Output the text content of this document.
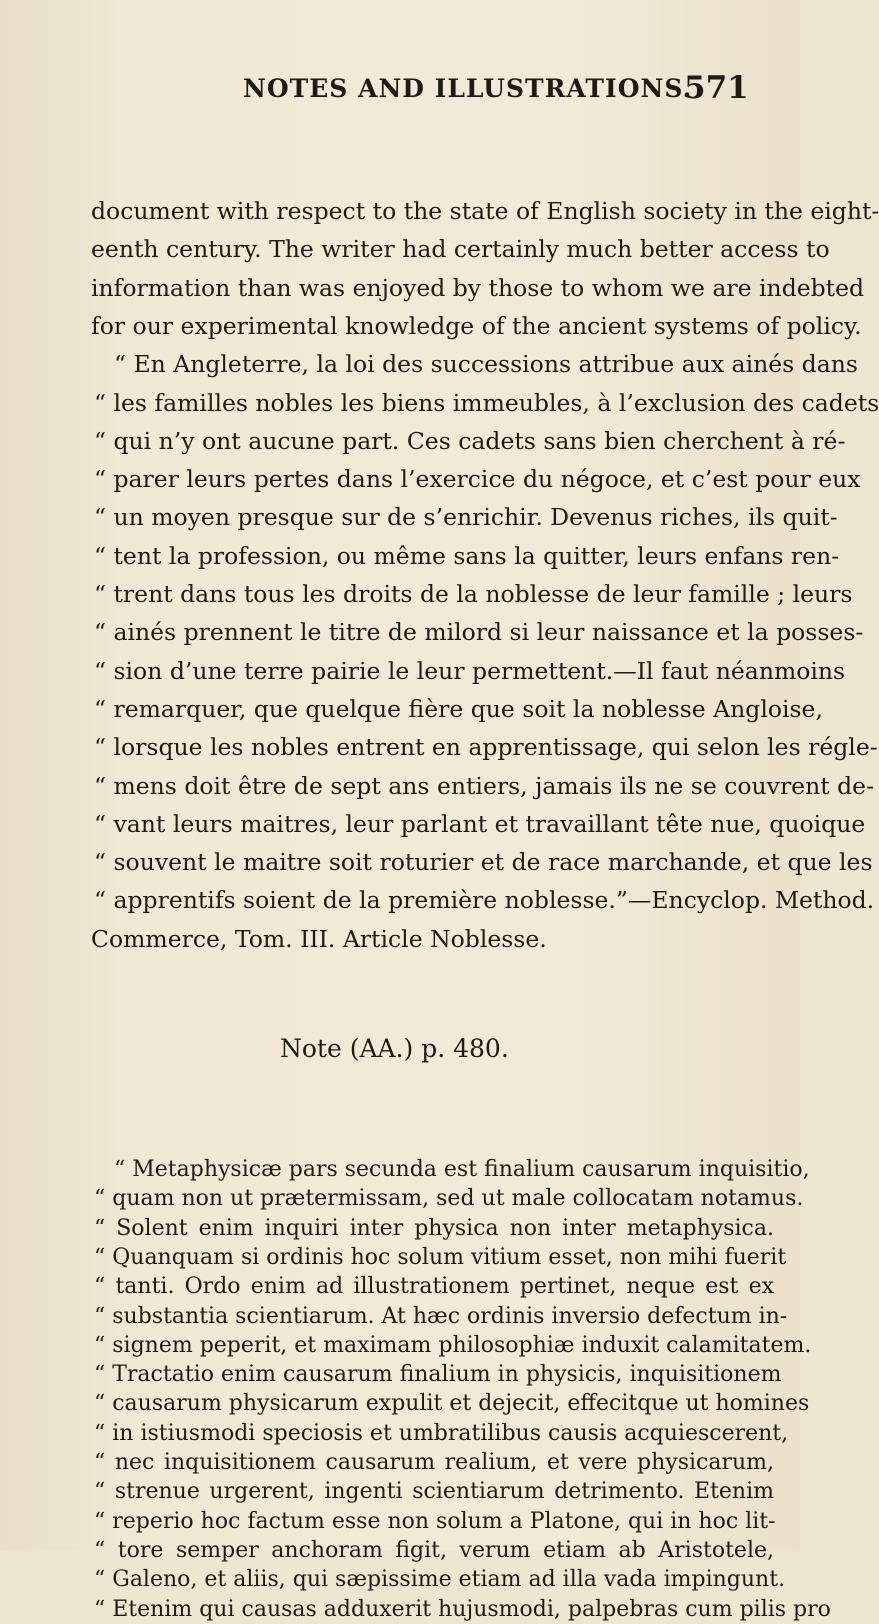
NOTES AND ILLUSTRATIONS.
571
document with respect to the state of English society in the eight-
eenth century. The writer had certainly much better access to
information than was enjoyed by those to whom we are indebted
for our experimental knowledge of the ancient systems of policy.
“ En Angleterre, la loi des successions attribue aux ainés dans
“ les familles nobles les biens immeubles, à l’exclusion des cadets
“ qui n’y ont aucune part. Ces cadets sans bien cherchent à ré-
“ parer leurs pertes dans l’exercice du négoce, et c’est pour eux
“ un moyen presque sur de s’enrichir. Devenus riches, ils quit-
“ tent la profession, ou même sans la quitter, leurs enfans ren-
“ trent dans tous les droits de la noblesse de leur famille ; leurs
“ ainés prennent le titre de milord si leur naissance et la posses-
“ sion d’une terre pairie le leur permettent.—Il faut néanmoins
“ remarquer, que quelque fière que soit la noblesse Angloise,
“ lorsque les nobles entrent en apprentissage, qui selon les régle-
“ mens doit être de sept ans entiers, jamais ils ne se couvrent de-
“ vant leurs maitres, leur parlant et travaillant tête nue, quoique
“ souvent le maitre soit roturier et de race marchande, et que les
“ apprentifs soient de la première noblesse.”—Encyclop. Method.
Commerce, Tom. III. Article Noblesse.
Note (AA.) p. 480.
“ Metaphysicæ pars secunda est finalium causarum inquisitio,
“ quam non ut prætermissam, sed ut male collocatam notamus.
“ Solent enim inquiri inter physica non inter metaphysica.
“ Quanquam si ordinis hoc solum vitium esset, non mihi fuerit
“ tanti. Ordo enim ad illustrationem pertinet, neque est ex
“ substantia scientiarum. At hæc ordinis inversio defectum in-
“ signem peperit, et maximam philosophiæ induxit calamitatem.
“ Tractatio enim causarum finalium in physicis, inquisitionem
“ causarum physicarum expulit et dejecit, effecitque ut homines
“ in istiusmodi speciosis et umbratilibus causis acquiescerent,
“ nec inquisitionem causarum realium, et vere physicarum,
“ strenue urgerent, ingenti scientiarum detrimento. Etenim
“ reperio hoc factum esse non solum a Platone, qui in hoc lit-
“ tore semper anchoram figit, verum etiam ab Aristotele,
“ Galeno, et aliis, qui sæpissime etiam ad illa vada impingunt.
“ Etenim qui causas adduxerit hujusmodi, palpebras cum pilis pro
